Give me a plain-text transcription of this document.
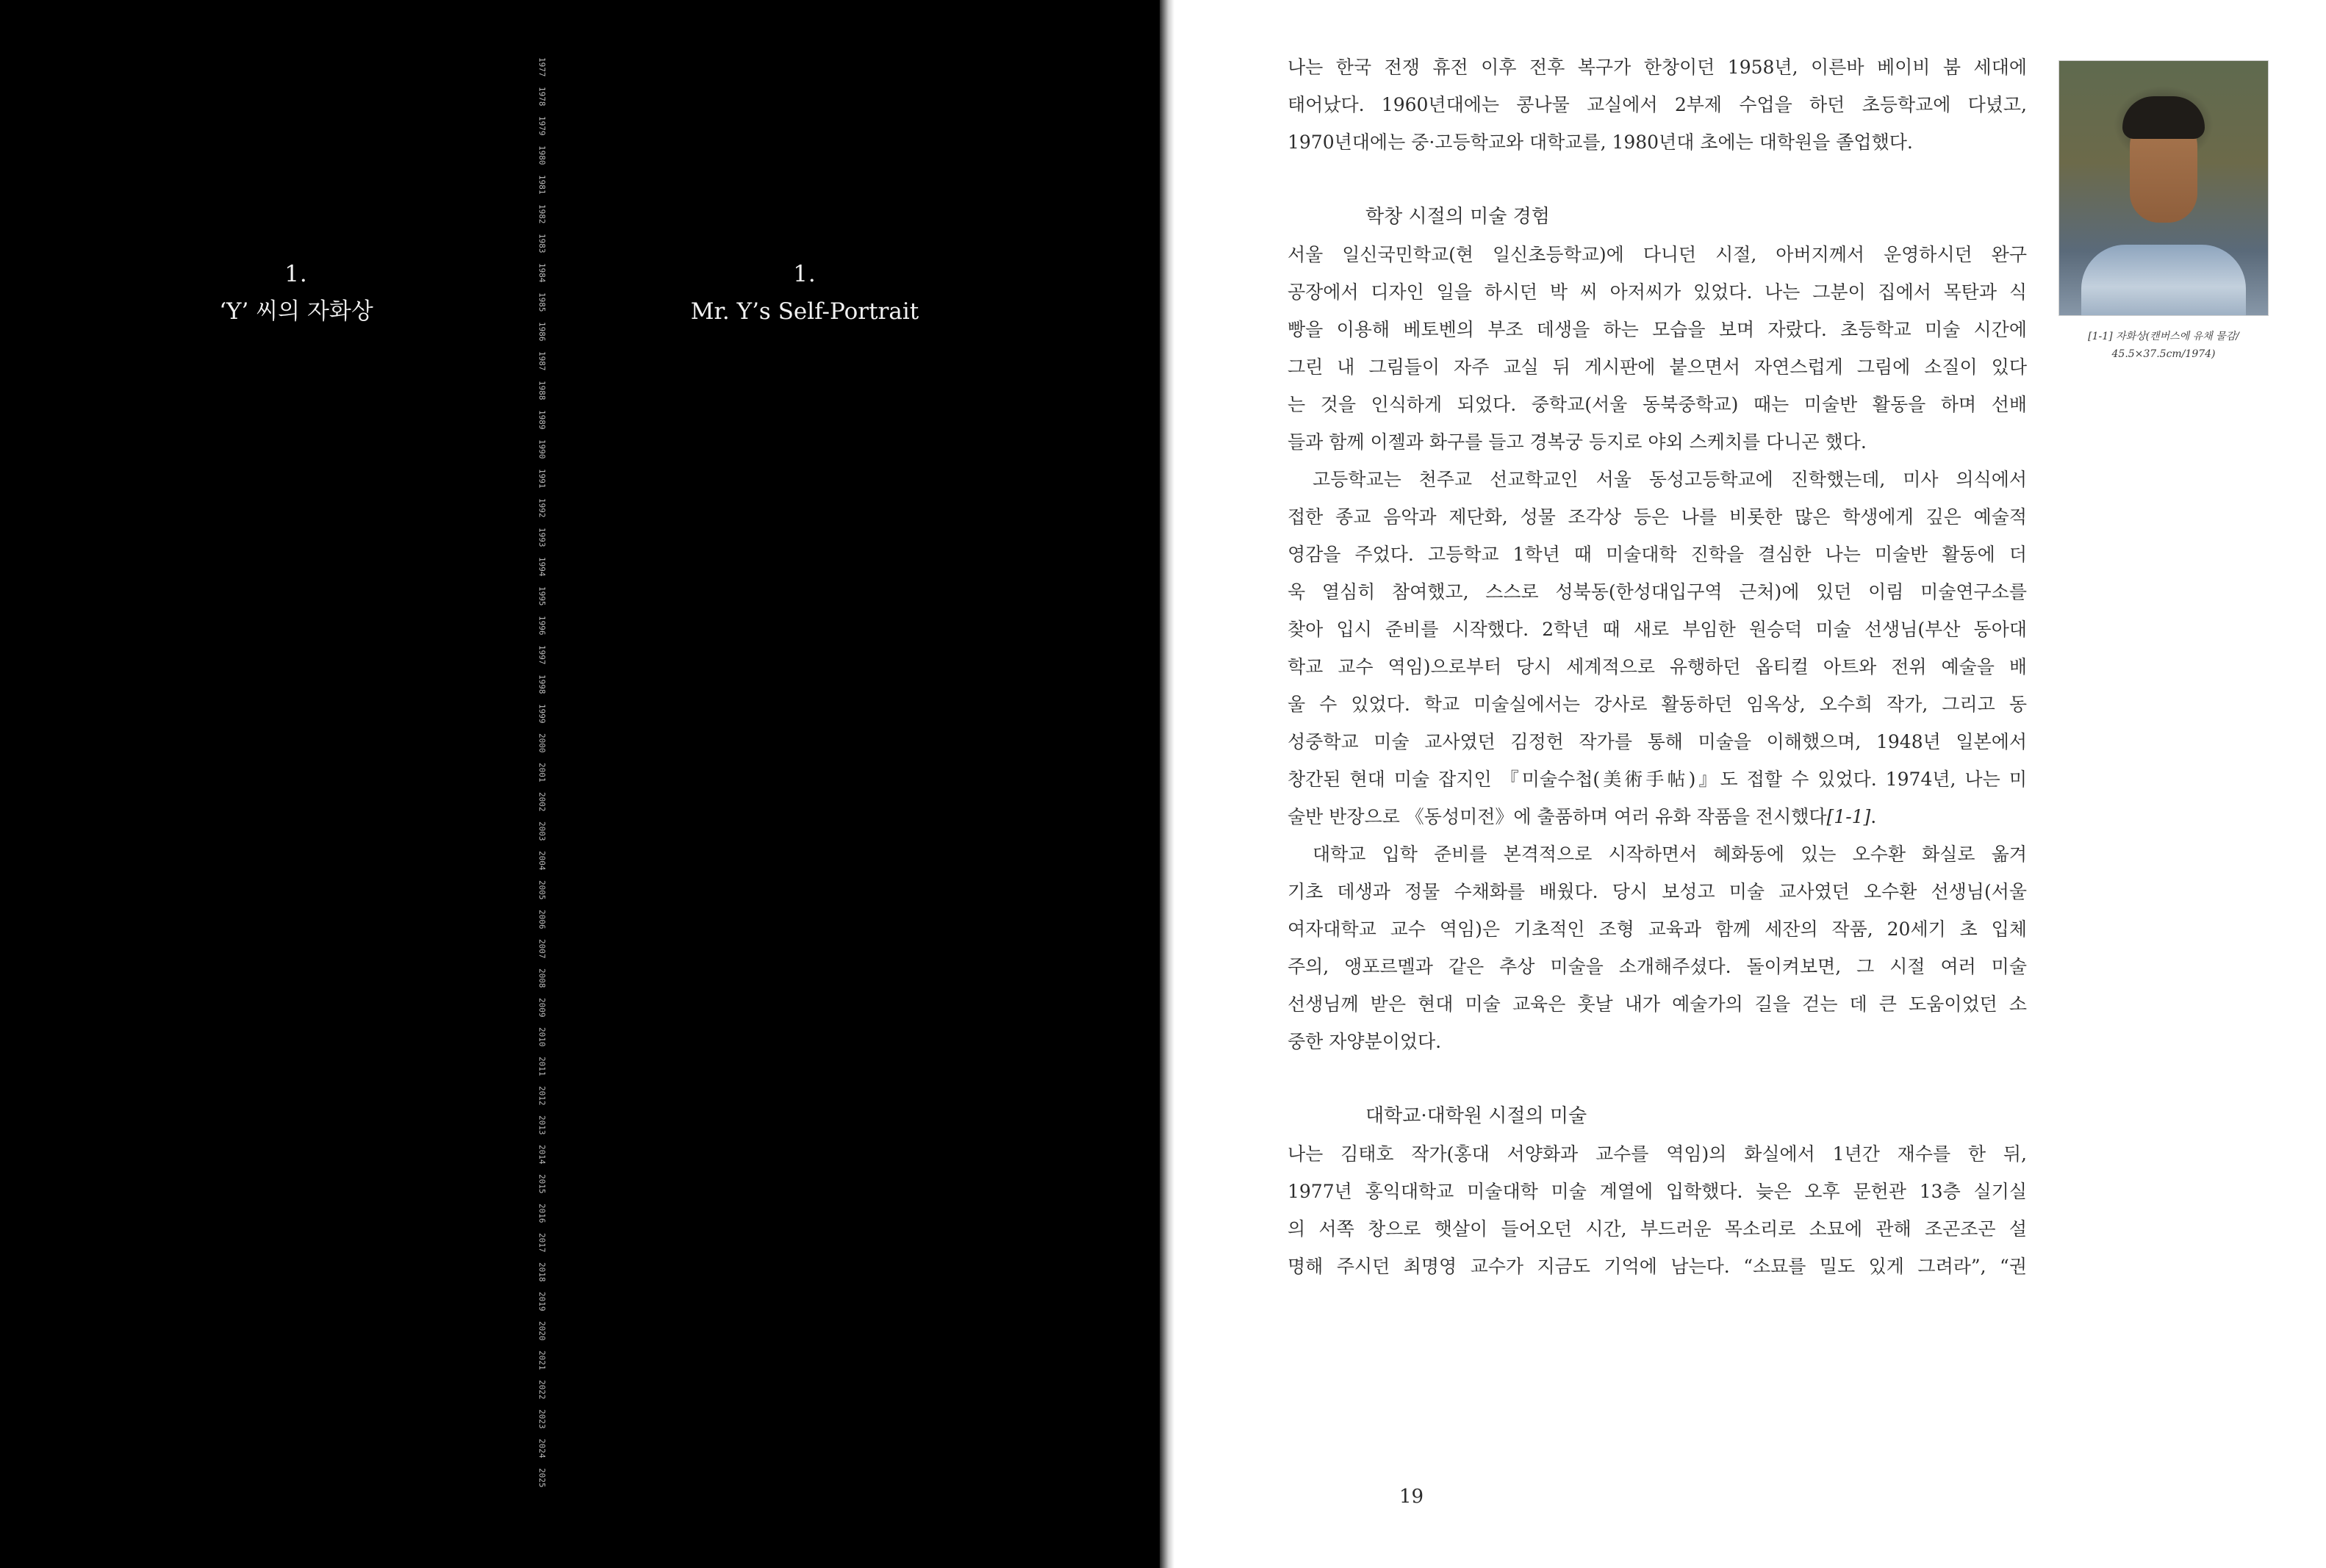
1.
‘Y’ 씨의 자화상
1.
Mr. Y’s Self-Portrait
1977
1978
1979
1980
1981
1982
1983
1984
1985
1986
1987
1988
1989
1990
1991
1992
1993
1994
1995
1996
1997
1998
1999
2000
2001
2002
2003
2004
2005
2006
2007
2008
2009
2010
2011
2012
2013
2014
2015
2016
2017
2018
2019
2020
2021
2022
2023
2024
2025

나는 한국 전쟁 휴전 이후 전후 복구가 한창이던 1958년, 이른바 베이비 붐 세대에

태어났다. 1960년대에는 콩나물 교실에서 2부제 수업을 하던 초등학교에 다녔고,

1970년대에는 중·고등학교와 대학교를, 1980년대 초에는 대학원을 졸업했다.

학창 시절의 미술 경험

서울 일신국민학교(현 일신초등학교)에 다니던 시절, 아버지께서 운영하시던 완구

공장에서 디자인 일을 하시던 박 씨 아저씨가 있었다. 나는 그분이 집에서 목탄과 식

빵을 이용해 베토벤의 부조 데생을 하는 모습을 보며 자랐다. 초등학교 미술 시간에

그린 내 그림들이 자주 교실 뒤 게시판에 붙으면서 자연스럽게 그림에 소질이 있다

는 것을 인식하게 되었다. 중학교(서울 동북중학교) 때는 미술반 활동을 하며 선배

들과 함께 이젤과 화구를 들고 경복궁 등지로 야외 스케치를 다니곤 했다.

고등학교는 천주교 선교학교인 서울 동성고등학교에 진학했는데, 미사 의식에서

접한 종교 음악과 제단화, 성물 조각상 등은 나를 비롯한 많은 학생에게 깊은 예술적

영감을 주었다. 고등학교 1학년 때 미술대학 진학을 결심한 나는 미술반 활동에 더

욱 열심히 참여했고, 스스로 성북동(한성대입구역 근처)에 있던 이림 미술연구소를

찾아 입시 준비를 시작했다. 2학년 때 새로 부임한 원승덕 미술 선생님(부산 동아대

학교 교수 역임)으로부터 당시 세계적으로 유행하던 옵티컬 아트와 전위 예술을 배

울 수 있었다. 학교 미술실에서는 강사로 활동하던 임옥상, 오수희 작가, 그리고 동

성중학교 미술 교사였던 김정헌 작가를 통해 미술을 이해했으며, 1948년 일본에서

창간된 현대 미술 잡지인 『미술수첩(美術手帖)』도 접할 수 있었다. 1974년, 나는 미

술반 반장으로 《동성미전》에 출품하며 여러 유화 작품을 전시했다[1-1].

대학교 입학 준비를 본격적으로 시작하면서 혜화동에 있는 오수환 화실로 옮겨

기초 데생과 정물 수채화를 배웠다. 당시 보성고 미술 교사였던 오수환 선생님(서울

여자대학교 교수 역임)은 기초적인 조형 교육과 함께 세잔의 작품, 20세기 초 입체

주의, 앵포르멜과 같은 추상 미술을 소개해주셨다. 돌이켜보면, 그 시절 여러 미술

선생님께 받은 현대 미술 교육은 훗날 내가 예술가의 길을 걷는 데 큰 도움이었던 소

중한 자양분이었다.

대학교·대학원 시절의 미술

나는 김태호 작가(홍대 서양화과 교수를 역임)의 화실에서 1년간 재수를 한 뒤,

1977년 홍익대학교 미술대학 미술 계열에 입학했다. 늦은 오후 문헌관 13층 실기실

의 서쪽 창으로 햇살이 들어오던 시간, 부드러운 목소리로 소묘에 관해 조곤조곤 설

명해 주시던 최명영 교수가 지금도 기억에 남는다. “소묘를 밀도 있게 그려라”, “권

[1-1] 자화상(캔버스에 유채 물감/
45.5×37.5cm/1974)
19
